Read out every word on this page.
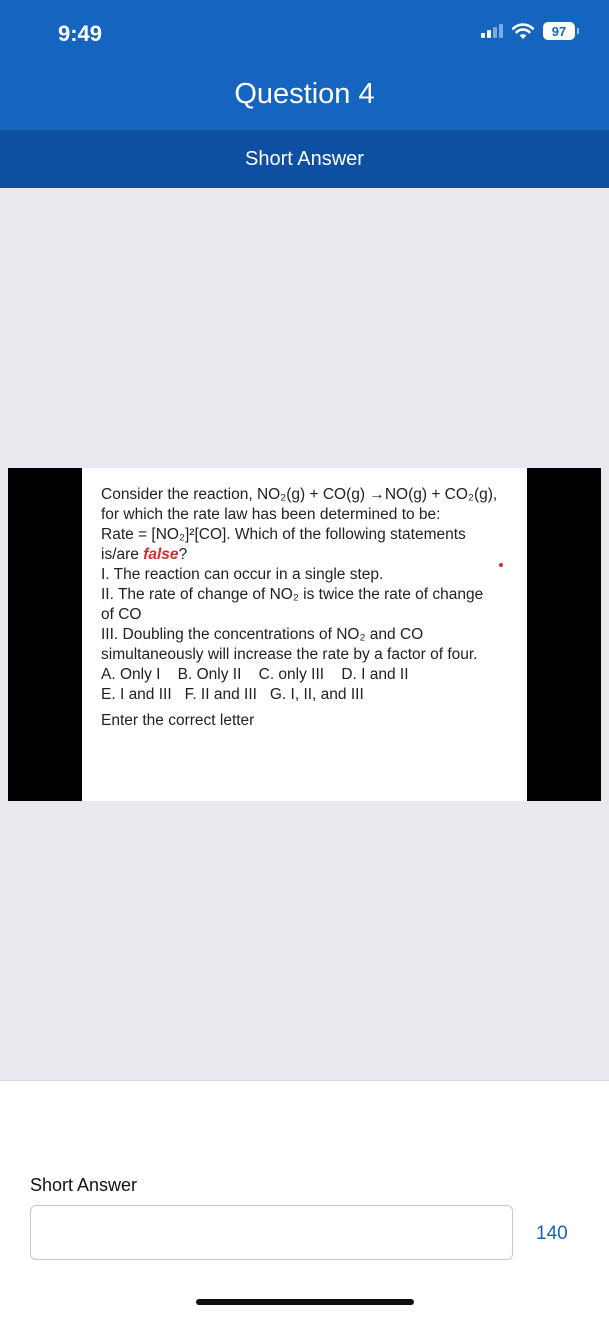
9:49	97
Question 4
Short Answer

Consider the reaction, NO₂(g) + CO(g) →NO(g) + CO₂(g),

for which the rate law has been determined to be:

Rate = [NO₂]²[CO]. Which of the following statements

is/are false?

I. The reaction can occur in a single step.

II. The rate of change of NO₂ is twice the rate of change

of CO

III. Doubling the concentrations of NO₂ and CO

simultaneously will increase the rate by a factor of four.

A. Only I    B. Only II    C. only III    D. I and II

E. I and III   F. II and III   G. I, II, and III

Enter the correct letter

Short Answer
140
